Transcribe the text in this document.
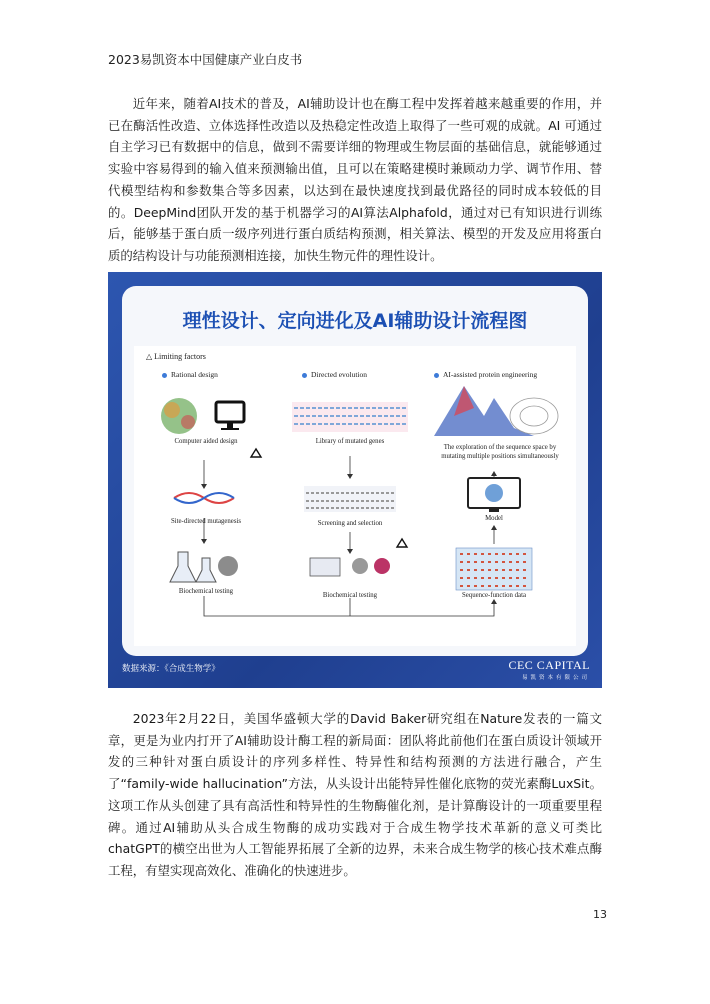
2023易凯资本中国健康产业白皮书
近年来，随着AI技术的普及，AI辅助设计也在酶工程中发挥着越来越重要的作用，并已在酶活性改造、立体选择性改造以及热稳定性改造上取得了一些可观的成就。AI 可通过自主学习已有数据中的信息，做到不需要详细的物理或生物层面的基础信息，就能够通过实验中容易得到的输入值来预测输出值，且可以在策略建模时兼顾动力学、调节作用、替代模型结构和参数集合等多因素，以达到在最快速度找到最优路径的同时成本较低的目的。DeepMind团队开发的基于机器学习的AI算法Alphafold，通过对已有知识进行训练后，能够基于蛋白质一级序列进行蛋白质结构预测，相关算法、模型的开发及应用将蛋白质的结构设计与功能预测相连接，加快生物元件的理性设计。
理性设计、定向进化及AI辅助设计流程图
△ Limiting factors
Rational design	Directed evolution	AI-assisted protein engineering
Computer aided design
Site-directed mutagenesis
Biochemical testing
Library of mutated genes
Screening and selection
Biochemical testing
The exploration of the sequence space by
mutating multiple positions simultaneously
Model
Sequence-function data
数据来源：《合成生物学》	CEC CAPITAL
易凯资本有限公司
2023年2月22日，美国华盛顿大学的David Baker研究组在Nature发表的一篇文章，更是为业内打开了AI辅助设计酶工程的新局面：团队将此前他们在蛋白质设计领域开发的三种针对蛋白质设计的序列多样性、特异性和结构预测的方法进行融合，产生了“family-wide hallucination”方法，从头设计出能特异性催化底物的荧光素酶LuxSit。这项工作从头创建了具有高活性和特异性的生物酶催化剂，是计算酶设计的一项重要里程碑。通过AI辅助从头合成生物酶的成功实践对于合成生物学技术革新的意义可类比chatGPT的横空出世为人工智能界拓展了全新的边界，未来合成生物学的核心技术难点酶工程，有望实现高效化、准确化的快速进步。
13
